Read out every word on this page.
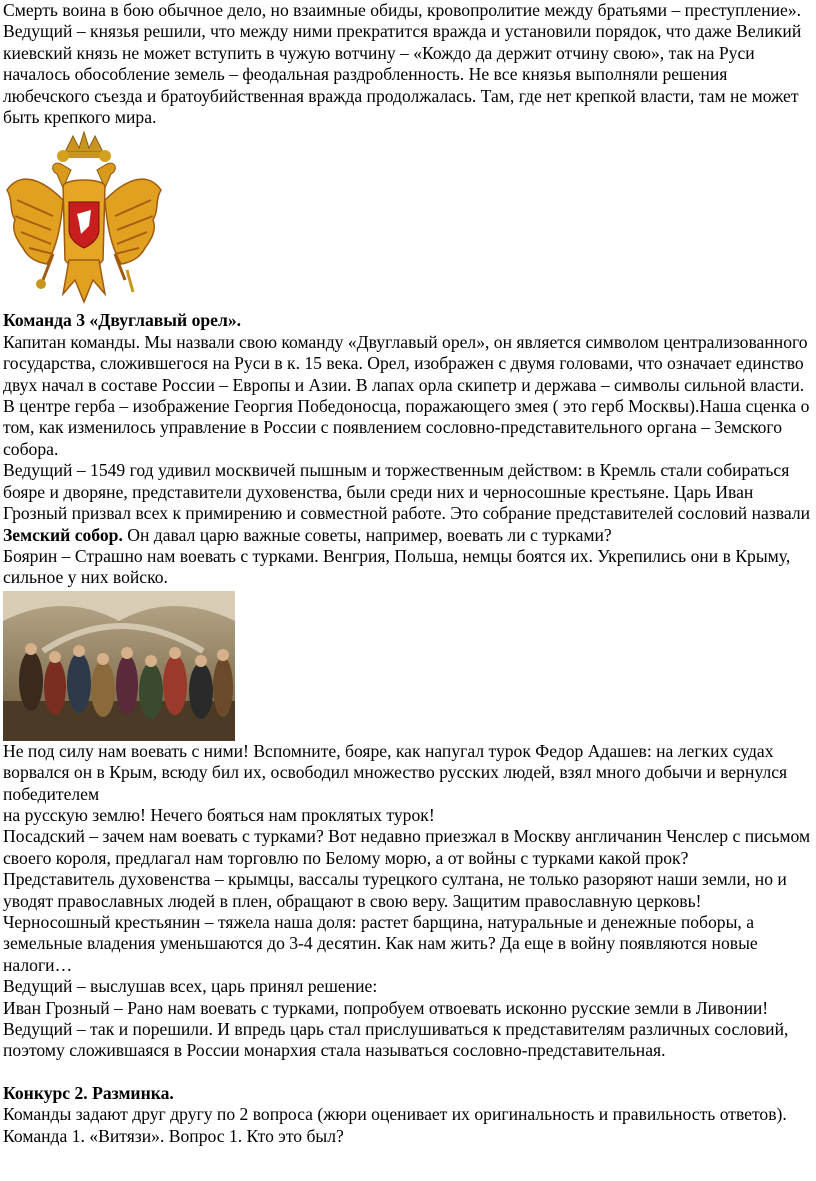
Смерть воина в бою обычное дело, но взаимные обиды, кровопролитие между братьями – преступление».

Ведущий – князья решили, что между ними прекратится вражда и установили порядок, что даже Великий киевский князь не может вступить в чужую вотчину – «Кождо да держит отчину свою», так на Руси началось обособление земель – феодальная раздробленность. Не все князья выполняли решения любечского съезда и братоубийственная вражда продолжалась. Там, где нет крепкой власти, там не может быть крепкого мира.

Команда 3 «Двуглавый орел».

Капитан команды. Мы назвали свою команду «Двуглавый орел», он является символом централизованного государства, сложившегося на Руси в к. 15 века. Орел, изображен с двумя головами, что означает единство двух начал в составе России – Европы и Азии. В лапах орла скипетр и держава – символы сильной власти. В центре герба – изображение Георгия Победоносца, поражающего змея ( это герб Москвы).Наша сценка о том, как изменилось управление в России с появлением сословно-представительного органа – Земского собора.

Ведущий – 1549 год удивил москвичей пышным и торжественным действом: в Кремль стали собираться бояре и дворяне, представители духовенства, были среди них и черносошные крестьяне. Царь Иван Грозный призвал всех к примирению и совместной работе. Это собрание представителей сословий назвали Земский собор. Он давал царю важные советы, например, воевать ли с турками?

Боярин – Страшно нам воевать с турками. Венгрия, Польша, немцы боятся их. Укрепились они в Крыму, сильное у них войско.

Не под силу нам воевать с ними! Вспомните, бояре, как напугал турок Федор Адашев: на легких судах ворвался он в Крым, всюду бил их, освободил множество русских людей, взял много добычи и вернулся победителем

на русскую землю! Нечего бояться нам проклятых турок!

Посадский – зачем нам воевать с турками? Вот недавно приезжал в Москву англичанин Ченслер с письмом своего короля, предлагал нам торговлю по Белому морю, а от войны с турками какой прок?

Представитель духовенства – крымцы, вассалы турецкого султана, не только разоряют наши земли, но и уводят православных людей в плен, обращают в свою веру. Защитим православную церковь!

Черносошный крестьянин – тяжела наша доля: растет барщина, натуральные и денежные поборы, а земельные владения уменьшаются до 3-4 десятин. Как нам жить? Да еще в войну появляются новые налоги…

Ведущий – выслушав всех, царь принял решение:

Иван Грозный – Рано нам воевать с турками, попробуем отвоевать исконно русские земли в Ливонии!

Ведущий – так и порешили. И впредь царь стал прислушиваться к представителям различных сословий, поэтому сложившаяся в России монархия стала называться сословно-представительная.

Конкурс 2. Разминка.

Команды задают друг другу по 2 вопроса (жюри оценивает их оригинальность и правильность ответов).

Команда 1. «Витязи». Вопрос 1. Кто это был?
